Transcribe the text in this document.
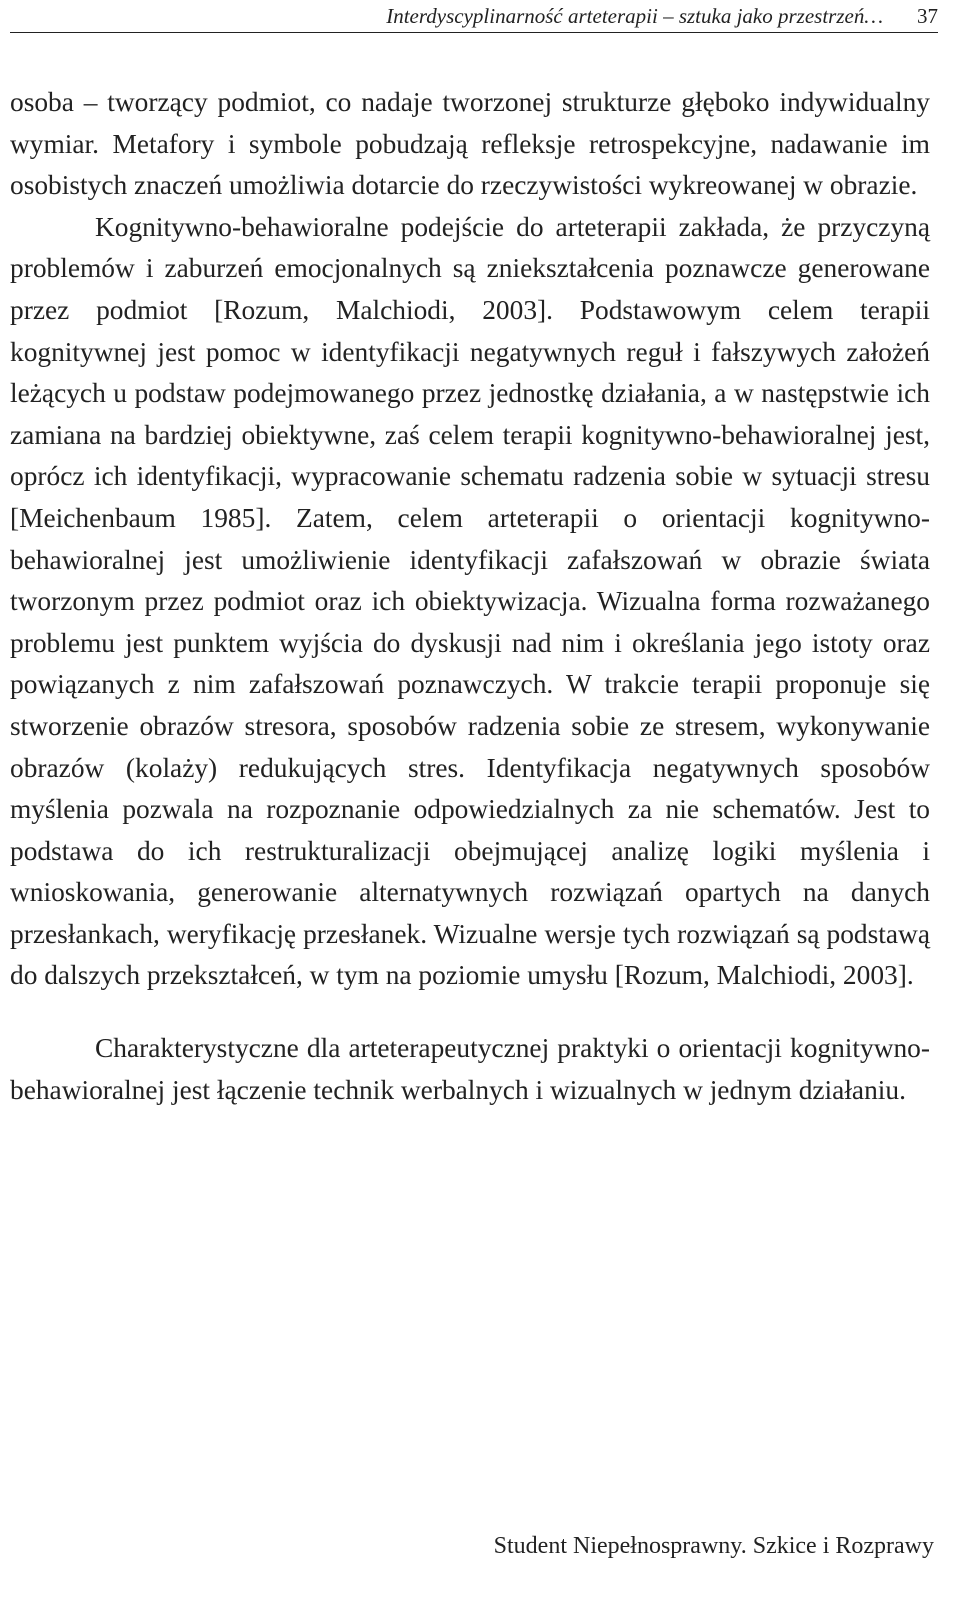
Interdyscyplinarność arteterapii – sztuka jako przestrzeń… 37

osoba – tworzący podmiot, co nadaje tworzonej strukturze głęboko indywidualny wymiar. Metafory i symbole pobudzają refleksje retrospekcyjne, nadawanie im osobistych znaczeń umożliwia dotarcie do rzeczywistości wykreowanej w obrazie.

Kognitywno-behawioralne podejście do arteterapii zakłada, że przyczyną problemów i zaburzeń emocjonalnych są zniekształcenia poznawcze generowane przez podmiot [Rozum, Malchiodi, 2003]. Podstawowym celem terapii kognitywnej jest pomoc w identyfikacji negatywnych reguł i fałszywych założeń leżących u podstaw podejmowanego przez jednostkę działania, a w następstwie ich zamiana na bardziej obiektywne, zaś celem terapii kognitywno-behawioralnej jest, oprócz ich identyfikacji, wypracowanie schematu radzenia sobie w sytuacji stresu [Meichenbaum 1985]. Zatem, celem arteterapii o orientacji kognitywno-behawioralnej jest umożliwienie identyfikacji zafałszowań w obrazie świata tworzonym przez podmiot oraz ich obiektywizacja. Wizualna forma rozważanego problemu jest punktem wyjścia do dyskusji nad nim i określania jego istoty oraz powiązanych z nim zafałszowań poznawczych. W trakcie terapii proponuje się stworzenie obrazów stresora, sposobów radzenia sobie ze stresem, wykonywanie obrazów (kolaży) redukujących stres. Identyfikacja negatywnych sposobów myślenia pozwala na rozpoznanie odpowiedzialnych za nie schematów. Jest to podstawa do ich restrukturalizacji obejmującej analizę logiki myślenia i wnioskowania, generowanie alternatywnych rozwiązań opartych na danych przesłankach, weryfikację przesłanek. Wizualne wersje tych rozwiązań są podstawą do dalszych przekształceń, w tym na poziomie umysłu [Rozum, Malchiodi, 2003].

Charakterystyczne dla arteterapeutycznej praktyki o orientacji kognitywno-behawioralnej jest łączenie technik werbalnych i wizualnych w jednym działaniu.

Student Niepełnosprawny. Szkice i Rozprawy
